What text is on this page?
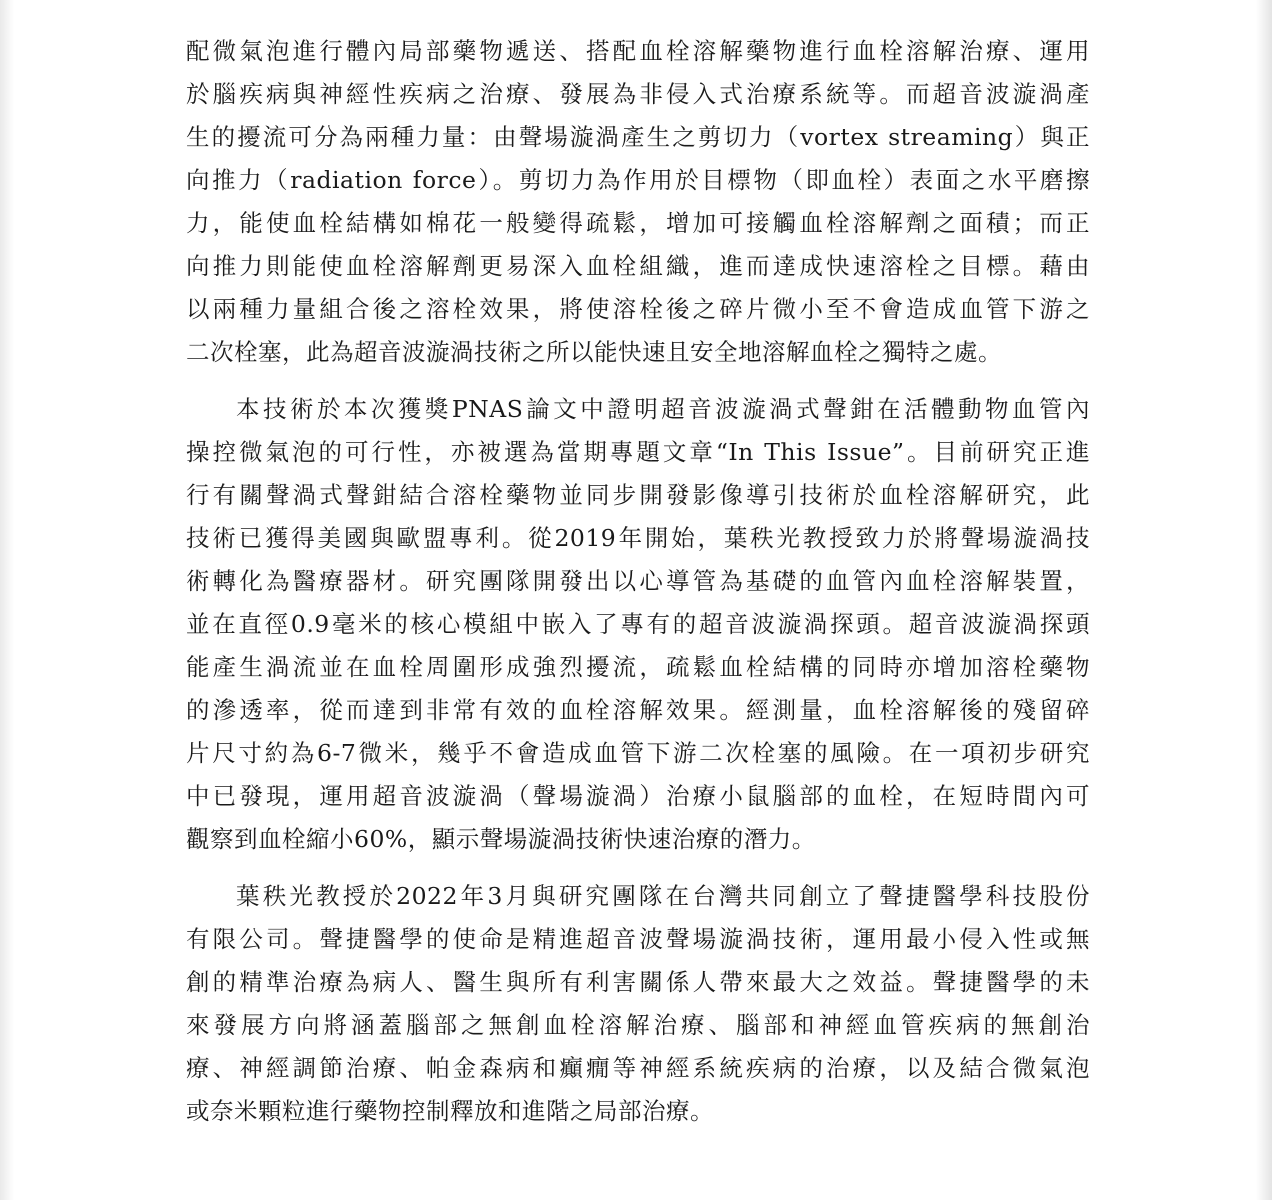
配微氣泡進行體內局部藥物遞送、搭配血栓溶解藥物進行血栓溶解治療、運用
於腦疾病與神經性疾病之治療、發展為非侵入式治療系統等。而超音波漩渦產
生的擾流可分為兩種力量：由聲場漩渦產生之剪切力（vortex streaming）與正
向推力（radiation force）。剪切力為作用於目標物（即血栓）表面之水平磨擦
力，能使血栓結構如棉花一般變得疏鬆，增加可接觸血栓溶解劑之面積；而正
向推力則能使血栓溶解劑更易深入血栓組織，進而達成快速溶栓之目標。藉由
以兩種力量組合後之溶栓效果，將使溶栓後之碎片微小至不會造成血管下游之
二次栓塞，此為超音波漩渦技術之所以能快速且安全地溶解血栓之獨特之處。
本技術於本次獲獎PNAS論文中證明超音波漩渦式聲鉗在活體動物血管內
操控微氣泡的可行性，亦被選為當期專題文章“In This Issue”。目前研究正進
行有關聲渦式聲鉗結合溶栓藥物並同步開發影像導引技術於血栓溶解研究，此
技術已獲得美國與歐盟專利。從2019年開始，葉秩光教授致力於將聲場漩渦技
術轉化為醫療器材。研究團隊開發出以心導管為基礎的血管內血栓溶解裝置，
並在直徑0.9毫米的核心模組中嵌入了專有的超音波漩渦探頭。超音波漩渦探頭
能產生渦流並在血栓周圍形成強烈擾流，疏鬆血栓結構的同時亦增加溶栓藥物
的滲透率，從而達到非常有效的血栓溶解效果。經測量，血栓溶解後的殘留碎
片尺寸約為6-7微米，幾乎不會造成血管下游二次栓塞的風險。在一項初步研究
中已發現，運用超音波漩渦（聲場漩渦）治療小鼠腦部的血栓，在短時間內可
觀察到血栓縮小60%，顯示聲場漩渦技術快速治療的潛力。
葉秩光教授於2022年3月與研究團隊在台灣共同創立了聲捷醫學科技股份
有限公司。聲捷醫學的使命是精進超音波聲場漩渦技術，運用最小侵入性或無
創的精準治療為病人、醫生與所有利害關係人帶來最大之效益。聲捷醫學的未
來發展方向將涵蓋腦部之無創血栓溶解治療、腦部和神經血管疾病的無創治
療、神經調節治療、帕金森病和癲癇等神經系統疾病的治療，以及結合微氣泡
或奈米顆粒進行藥物控制釋放和進階之局部治療。
